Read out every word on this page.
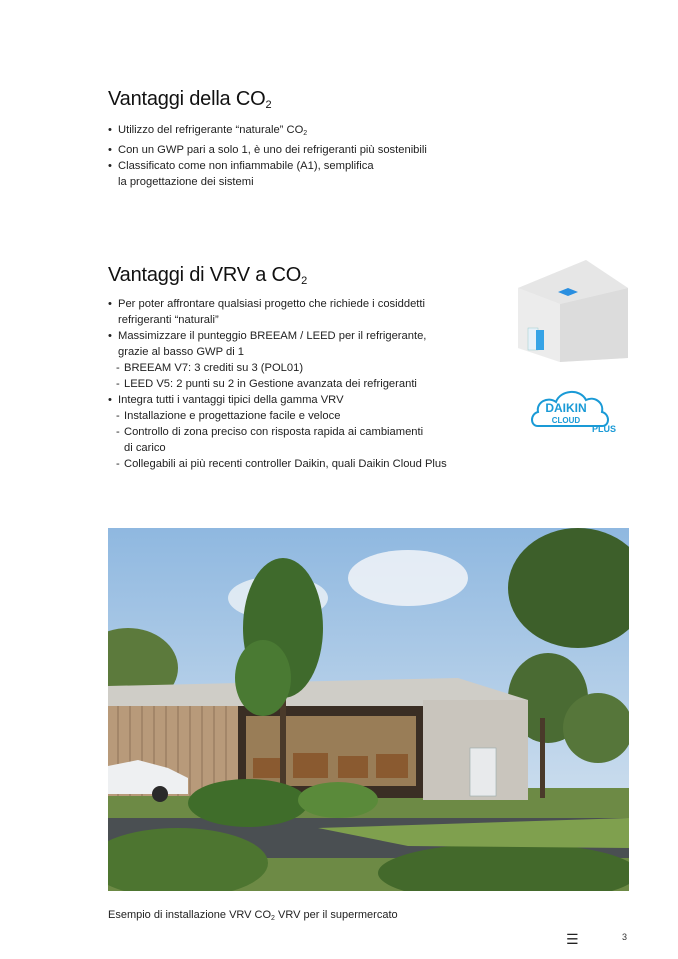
Vantaggi della $CO_2$
• Utilizzo del refrigerante “naturale” CO2
• Con un GWP pari a solo 1, è uno dei refrigeranti più sostenibili
• Classificato come non infiammabile (A1), semplifica
la progettazione dei sistemi
Vantaggi di VRV a $CO_2$
• Per poter affrontare qualsiasi progetto che richiede i cosiddetti
refrigeranti “naturali”
• Massimizzare il punteggio BREEAM / LEED per il refrigerante,
grazie al basso GWP di 1
- BREEAM V7: 3 crediti su 3 (POL01)
- LEED V5: 2 punti su 2 in Gestione avanzata dei refrigeranti
• Integra tutti i vantaggi tipici della gamma VRV
- Installazione e progettazione facile e veloce
- Controllo di zona preciso con risposta rapida ai cambiamenti
di carico
- Collegabili ai più recenti controller Daikin, quali Daikin Cloud Plus
DAIKIN
CLOUD
PLUS
Esempio di installazione VRV CO2 VRV per il supermercato
☰	3
